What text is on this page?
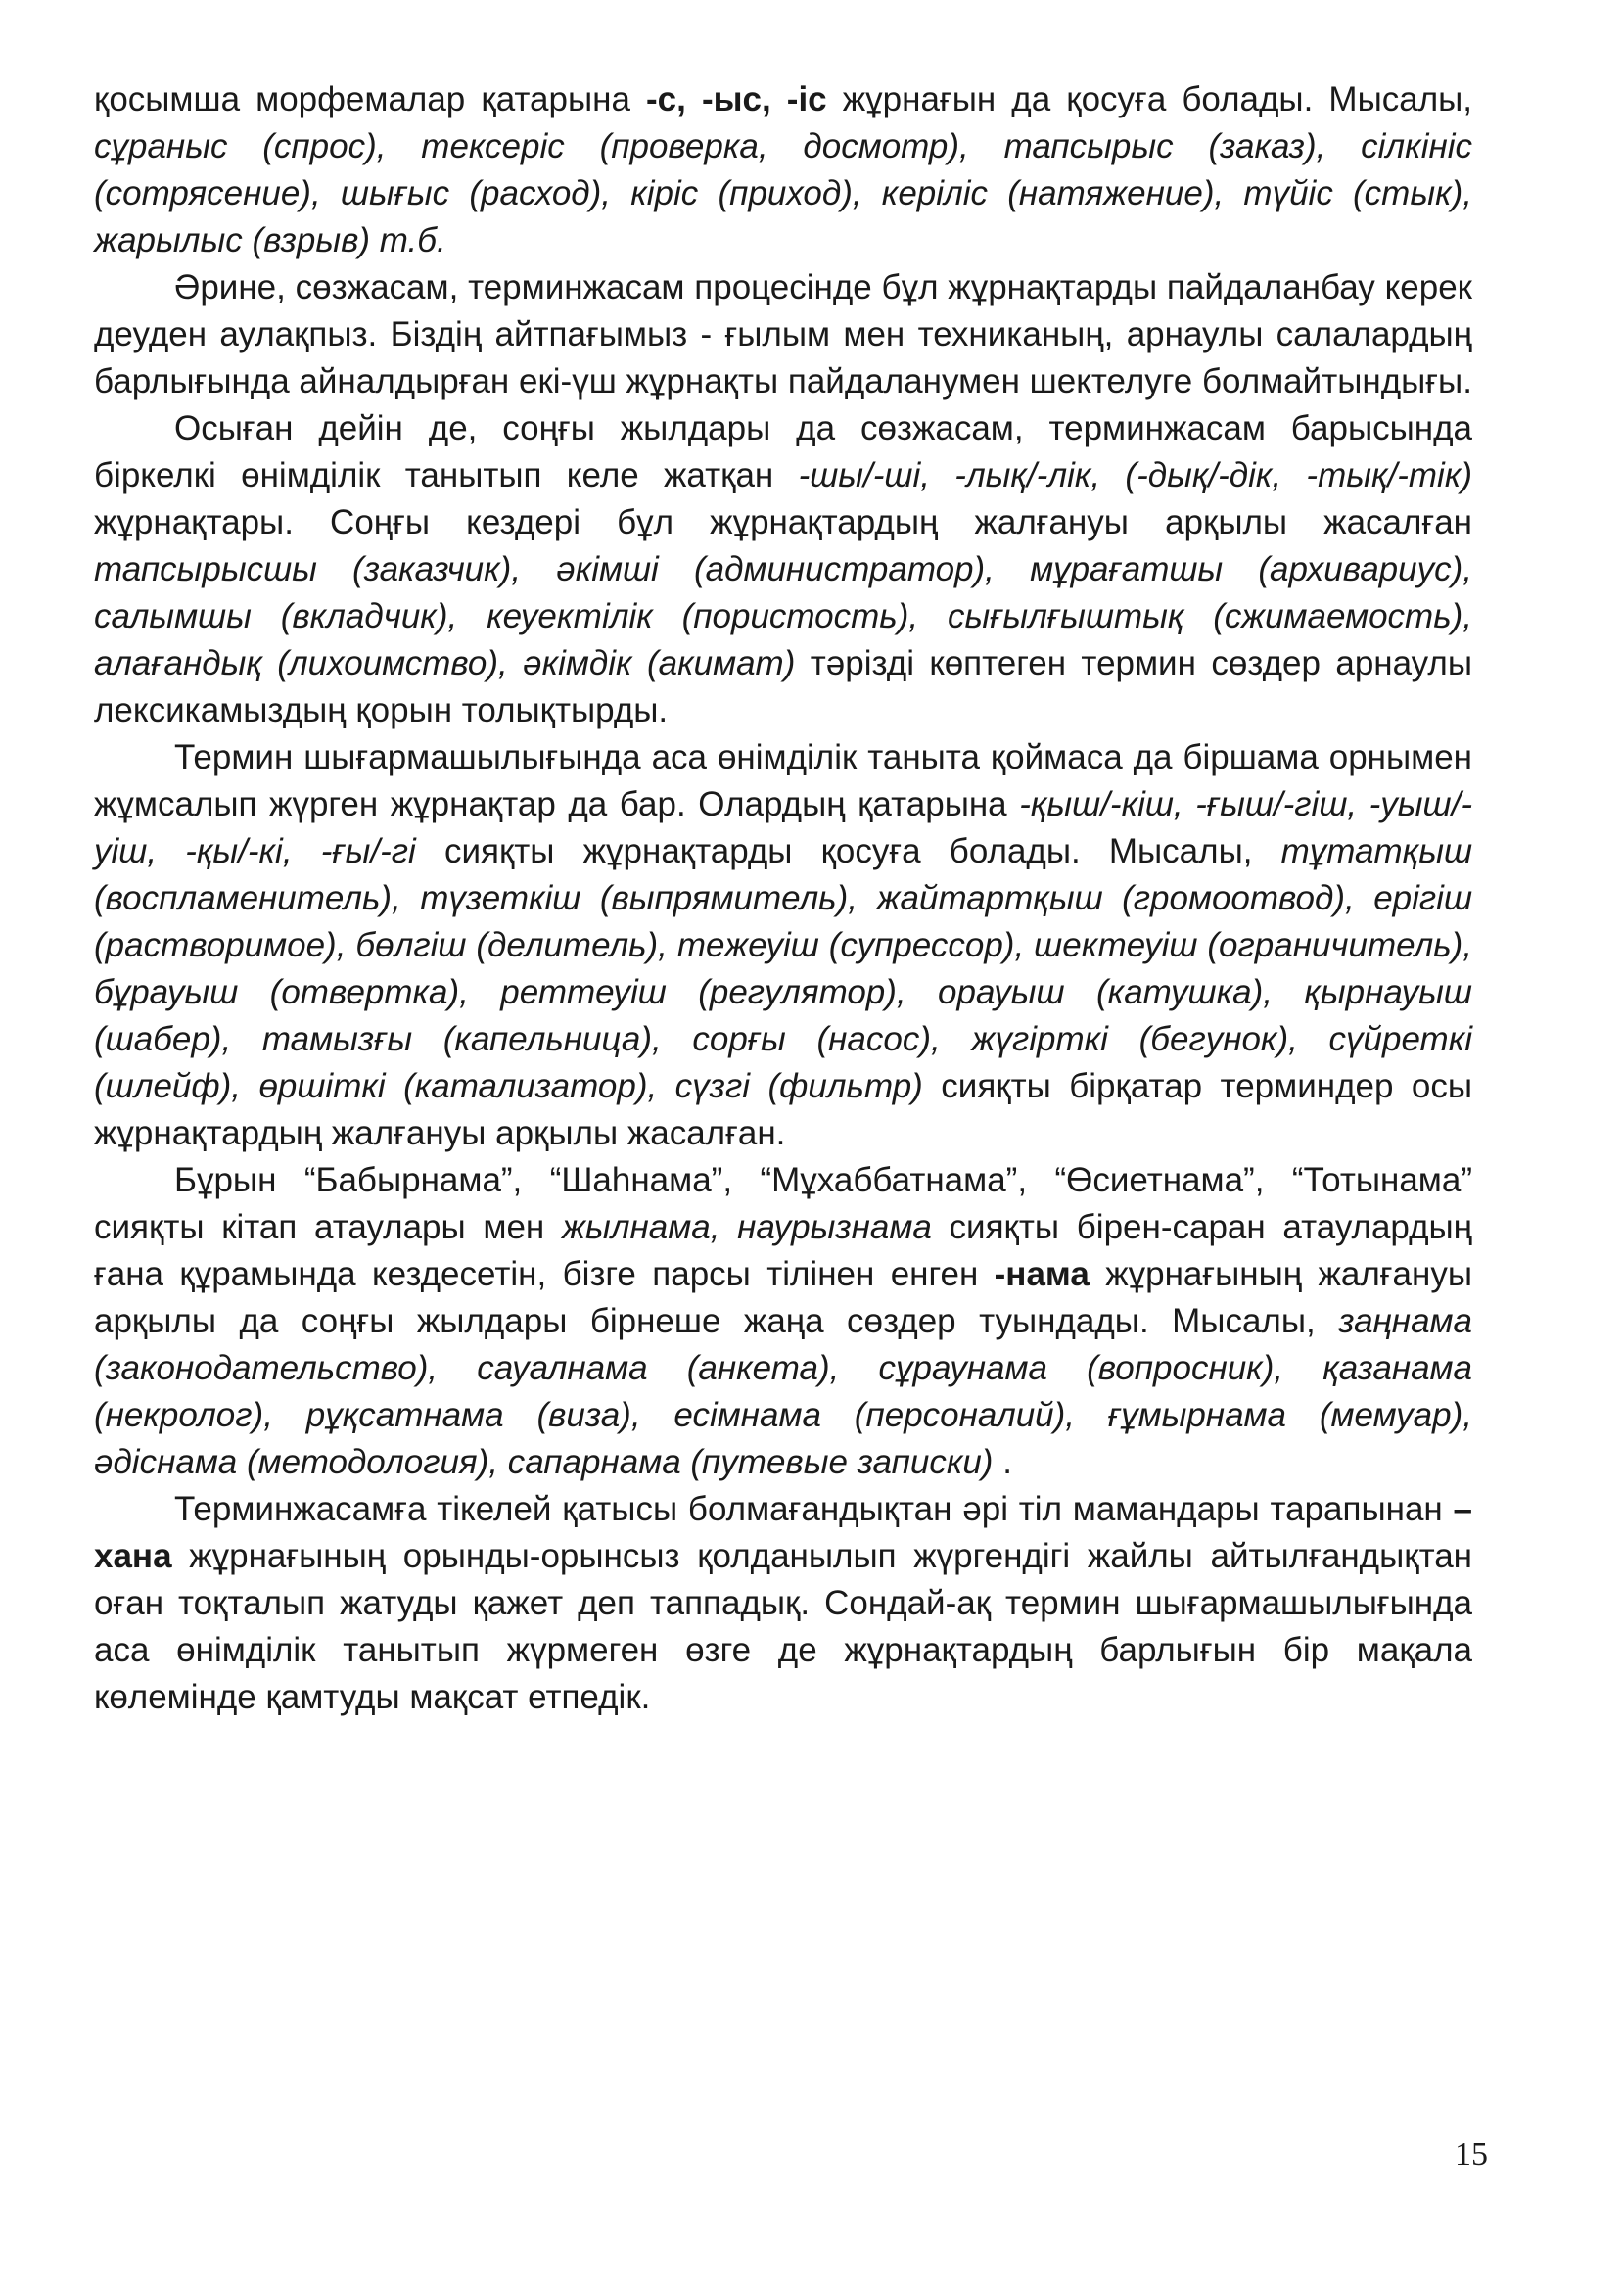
қосымша морфемалар қатарына -с, -ыс, -іс жұрнағын да қосуға болады. Мысалы, сұраныс (спрос), тексеріс (проверка, досмотр), тапсырыс (заказ), сілкініс (сотрясение), шығыс (расход), кіріс (приход), керіліс (натяжение), түйіс (стык), жарылыс (взрыв) т.б.

Әрине, сөзжасам, терминжасам процесінде бұл жұрнақтарды пайдаланбау керек деуден аулақпыз. Біздің айтпағымыз - ғылым мен техниканың, арнаулы салалардың барлығында айналдырған екі-үш жұрнақты пайдаланумен шектелуге болмайтындығы.

Осыған дейін де, соңғы жылдары да сөзжасам, терминжасам барысында біркелкі өнімділік танытып келе жатқан -шы/-ші, -лық/-лік, (-дық/-дік, -тық/-тік) жұрнақтары. Соңғы кездері бұл жұрнақтардың жалғануы арқылы жасалған тапсырысшы (заказчик), әкімші (администратор), мұрағатшы (архивариус), салымшы (вкладчик), кеуектілік (пористость), сығылғыштық (сжимаемость), алағандық (лихоимство), әкімдік (акимат) тәрізді көптеген термин сөздер арнаулы лексикамыздың қорын толықтырды.

Термин шығармашылығында аса өнімділік таныта қоймаса да біршама орнымен жұмсалып жүрген жұрнақтар да бар. Олардың қатарына -қыш/-кіш, -ғыш/-гіш, -уыш/-уіш, -қы/-кі, -ғы/-гі сияқты жұрнақтарды қосуға болады. Мысалы, тұтатқыш (воспламенитель), түзеткіш (выпрямитель), жайтартқыш (громоотвод), ерігіш (растворимое), бөлгіш (делитель), тежеуіш (супрессор), шектеуіш (ограничитель), бұрауыш (отвертка), реттеуіш (регулятор), орауыш (катушка), қырнауыш (шабер), тамызғы (капельница), сорғы (насос), жүгірткі (бегунок), сүйреткі (шлейф), өршіткі (катализатор), сүзгі (фильтр) сияқты бірқатар терминдер осы жұрнақтардың жалғануы арқылы жасалған.

Бұрын “Бабырнама”, “Шаһнама”, “Мұхаббатнама”, “Өсиетнама”, “Тотынама” сияқты кітап атаулары мен жылнама, наурызнама сияқты бірен-саран атаулардың ғана құрамында кездесетін, бізге парсы тілінен енген -нама жұрнағының жалғануы арқылы да соңғы жылдары бірнеше жаңа сөздер туындады. Мысалы, заңнама (законодательство), сауалнама (анкета), сұраунама (вопросник), қазанама (некролог), рұқсатнама (виза), есімнама (персоналий), ғұмырнама (мемуар), әдіснама (методология), сапарнама (путевые записки) .

Терминжасамға тікелей қатысы болмағандықтан әрі тіл мамандары тарапынан –хана жұрнағының орынды-орынсыз қолданылып жүргендігі жайлы айтылғандықтан оған тоқталып жатуды қажет деп таппадық. Сондай-ақ термин шығармашылығында аса өнімділік танытып жүрмеген өзге де жұрнақтардың барлығын бір мақала көлемінде қамтуды мақсат етпедік.

15
